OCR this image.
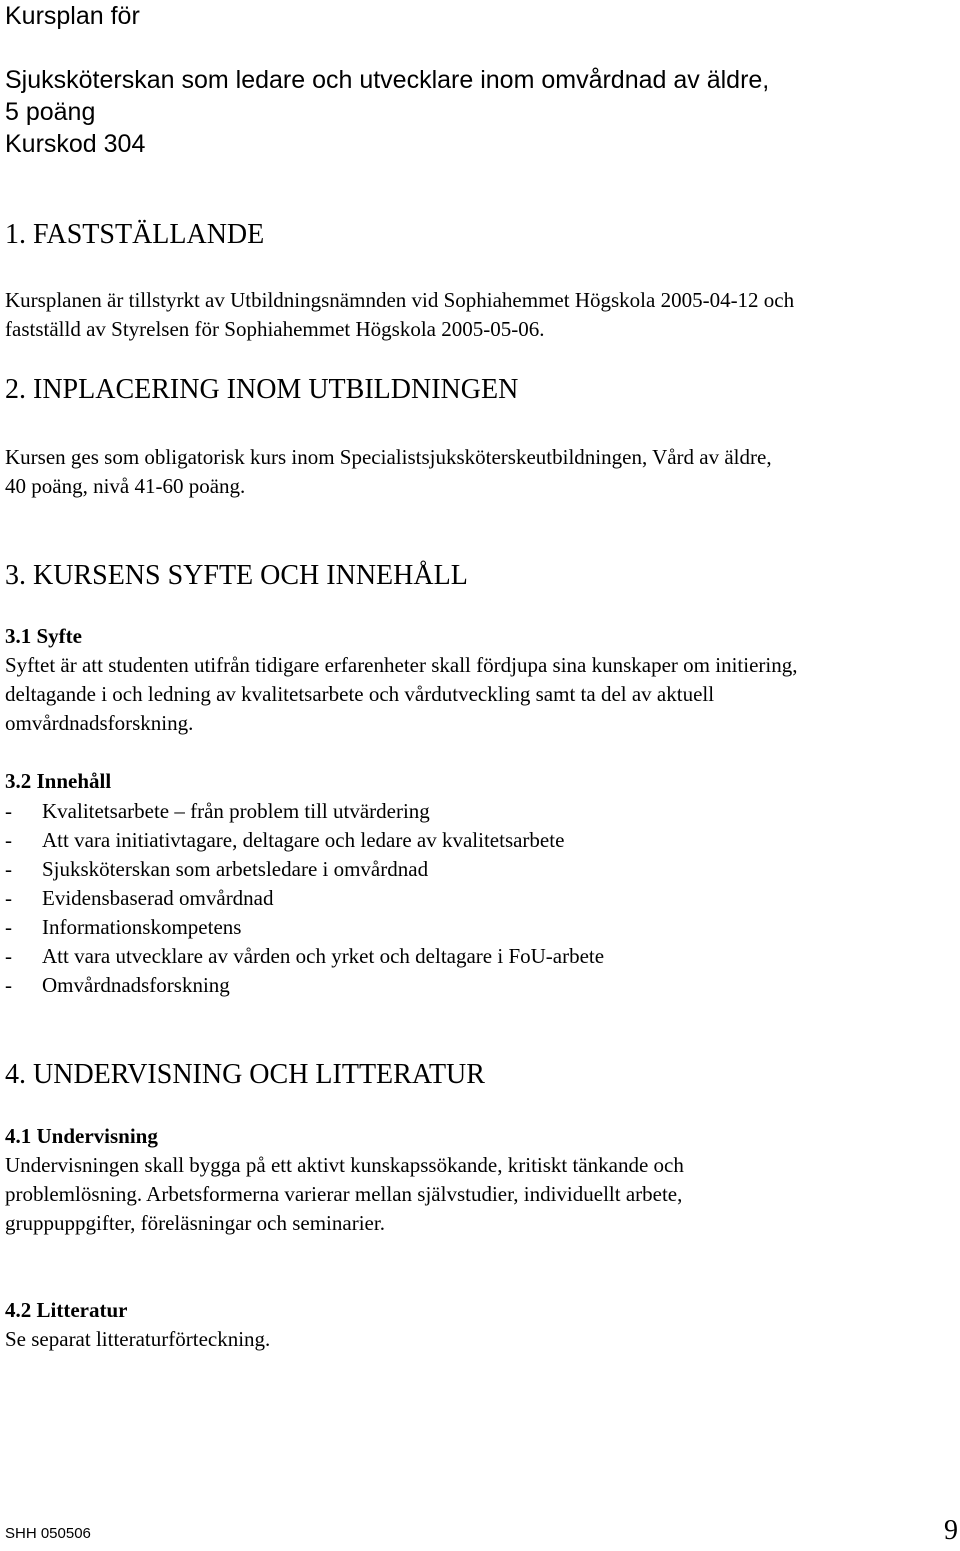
Kursplan för
Sjuksköterskan som ledare och utvecklare inom omvårdnad av äldre,
5 poäng
Kurskod 304
1. FASTSTÄLLANDE
Kursplanen är tillstyrkt av Utbildningsnämnden vid Sophiahemmet Högskola 2005-04-12 och
fastställd av Styrelsen för Sophiahemmet Högskola 2005-05-06.
2. INPLACERING INOM UTBILDNINGEN
Kursen ges som obligatorisk kurs inom Specialistsjuksköterskeutbildningen, Vård av äldre,
40 poäng, nivå 41-60 poäng.
3. KURSENS SYFTE OCH INNEHÅLL
3.1 Syfte
Syftet är att studenten utifrån tidigare erfarenheter skall fördjupa sina kunskaper om initiering,
deltagande i och ledning av kvalitetsarbete och vårdutveckling samt ta del av aktuell
omvårdnadsforskning.
3.2 Innehåll
- Kvalitetsarbete – från problem till utvärdering
- Att vara initiativtagare, deltagare och ledare av kvalitetsarbete
- Sjuksköterskan som arbetsledare i omvårdnad
- Evidensbaserad omvårdnad
- Informationskompetens
- Att vara utvecklare av vården och yrket och deltagare i FoU-arbete
- Omvårdnadsforskning
4. UNDERVISNING OCH LITTERATUR
4.1 Undervisning
Undervisningen skall bygga på ett aktivt kunskapssökande, kritiskt tänkande och
problemlösning. Arbetsformerna varierar mellan självstudier, individuellt arbete,
gruppuppgifter, föreläsningar och seminarier.
4.2 Litteratur
Se separat litteraturförteckning.
SHH 050506	9
